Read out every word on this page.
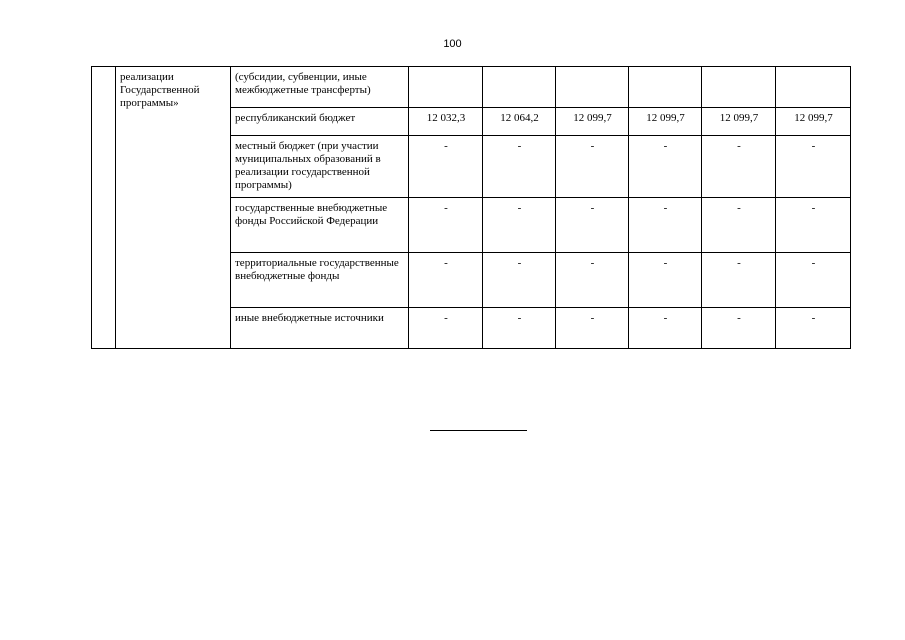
100
	реализации Государственной программы»	(субсидии, субвенции, иные межбюджетные трансферты)						
		республиканский бюджет	12 032,3	12 064,2	12 099,7	12 099,7	12 099,7	12 099,7
		местный бюджет (при участии муниципальных образований в реализации государственной программы)	-	-	-	-	-	-
		государственные внебюджетные фонды Российской Федерации	-	-	-	-	-	-
		территориальные государственные внебюджетные фонды	-	-	-	-	-	-
		иные внебюджетные источники	-	-	-	-	-	-
